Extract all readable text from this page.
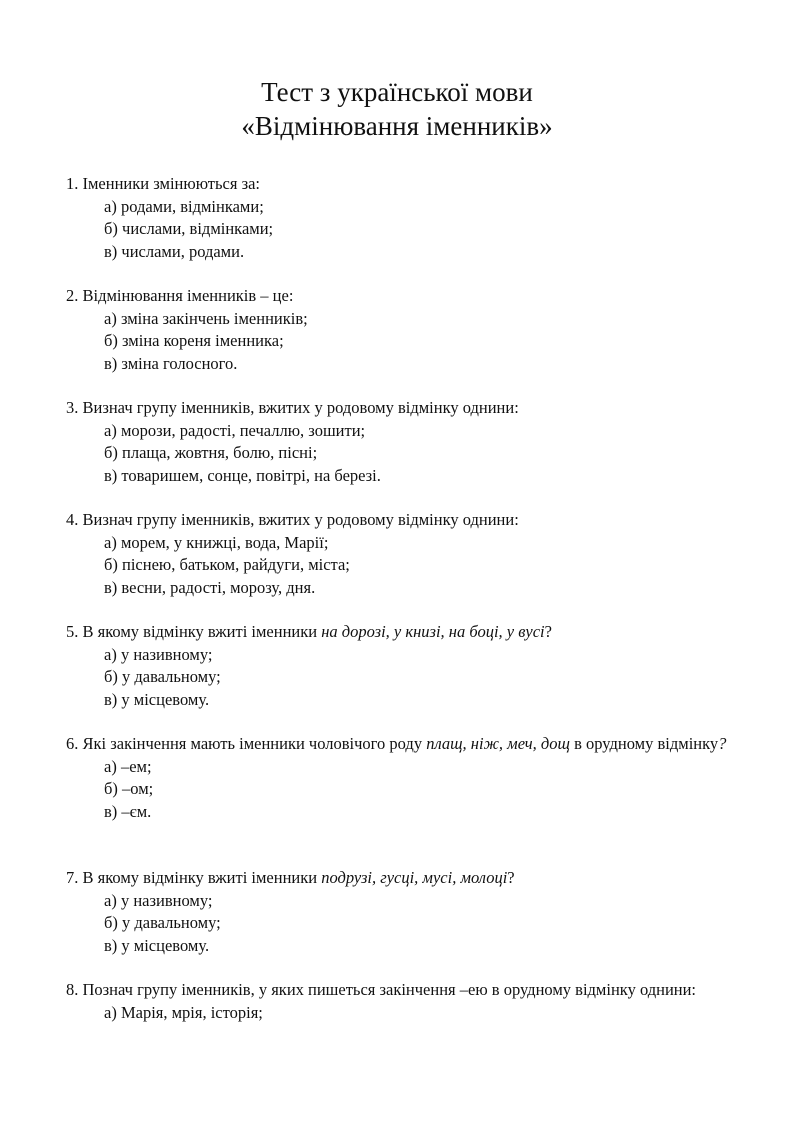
Тест з української мови
«Відмінювання іменників»
1. Іменники змінюються за:
а) родами, відмінками;
б) числами, відмінками;
в) числами, родами.
2. Відмінювання іменників – це:
а) зміна закінчень іменників;
б) зміна кореня іменника;
в) зміна голосного.
3. Визнач групу іменників, вжитих у родовому відмінку однини:
а) морози, радості, печаллю, зошити;
б) плаща, жовтня, болю, пісні;
в) товаришем, сонце, повітрі, на березі.
4. Визнач групу іменників, вжитих у родовому відмінку однини:
а) морем, у книжці, вода, Марії;
б) піснею, батьком, райдуги, міста;
в) весни, радості, морозу, дня.
5. В якому відмінку вжиті іменники на дорозі, у книзі, на боці, у вусі?
а) у називному;
б) у давальному;
в) у місцевому.
6. Які закінчення мають іменники чоловічого роду плащ, ніж, меч, дощ в орудному відмінку?
а) –ем;
б) –ом;
в) –єм.
7. В якому відмінку вжиті іменники подрузі, гусці, мусі, молоці?
а) у називному;
б) у давальному;
в) у місцевому.
8. Познач групу іменників, у яких пишеться закінчення –ею в орудному відмінку однини:
а) Марія, мрія, історія;
